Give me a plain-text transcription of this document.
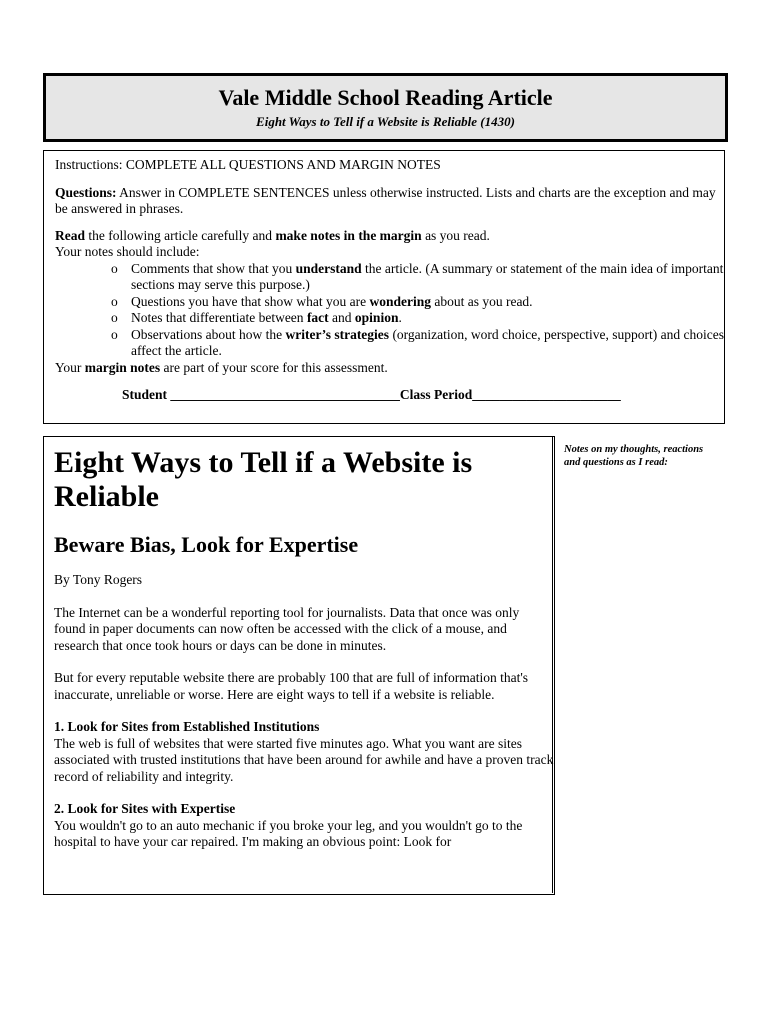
Vale Middle School Reading Article
Eight Ways to Tell if a Website is Reliable (1430)

Instructions: COMPLETE ALL QUESTIONS AND MARGIN NOTES

Questions: Answer in COMPLETE SENTENCES unless otherwise instructed. Lists and charts are the exception and may be answered in phrases.

Read the following article carefully and make notes in the margin as you read.

Your notes should include:

o Comments that show that you understand the article. (A summary or statement of the main idea of important sections may serve this purpose.)
o Questions you have that show what you are wondering about as you read.
o Notes that differentiate between fact and opinion.
o Observations about how the writer’s strategies (organization, word choice, perspective, support) and choices affect the article.

Your margin notes are part of your score for this assessment.

Student __________________________________Class Period______________________

Eight Ways to Tell if a Website is Reliable
Beware Bias, Look for Expertise

By Tony Rogers

The Internet can be a wonderful reporting tool for journalists. Data that once was only found in paper documents can now often be accessed with the click of a mouse, and research that once took hours or days can be done in minutes.

But for every reputable website there are probably 100 that are full of information that's inaccurate, unreliable or worse. Here are eight ways to tell if a website is reliable.

1. Look for Sites from Established Institutions

The web is full of websites that were started five minutes ago. What you want are sites associated with trusted institutions that have been around for awhile and have a proven track record of reliability and integrity.

2. Look for Sites with Expertise

You wouldn't go to an auto mechanic if you broke your leg, and you wouldn't go to the hospital to have your car repaired. I'm making an obvious point: Look for

Notes on my thoughts, reactions and questions as I read:
